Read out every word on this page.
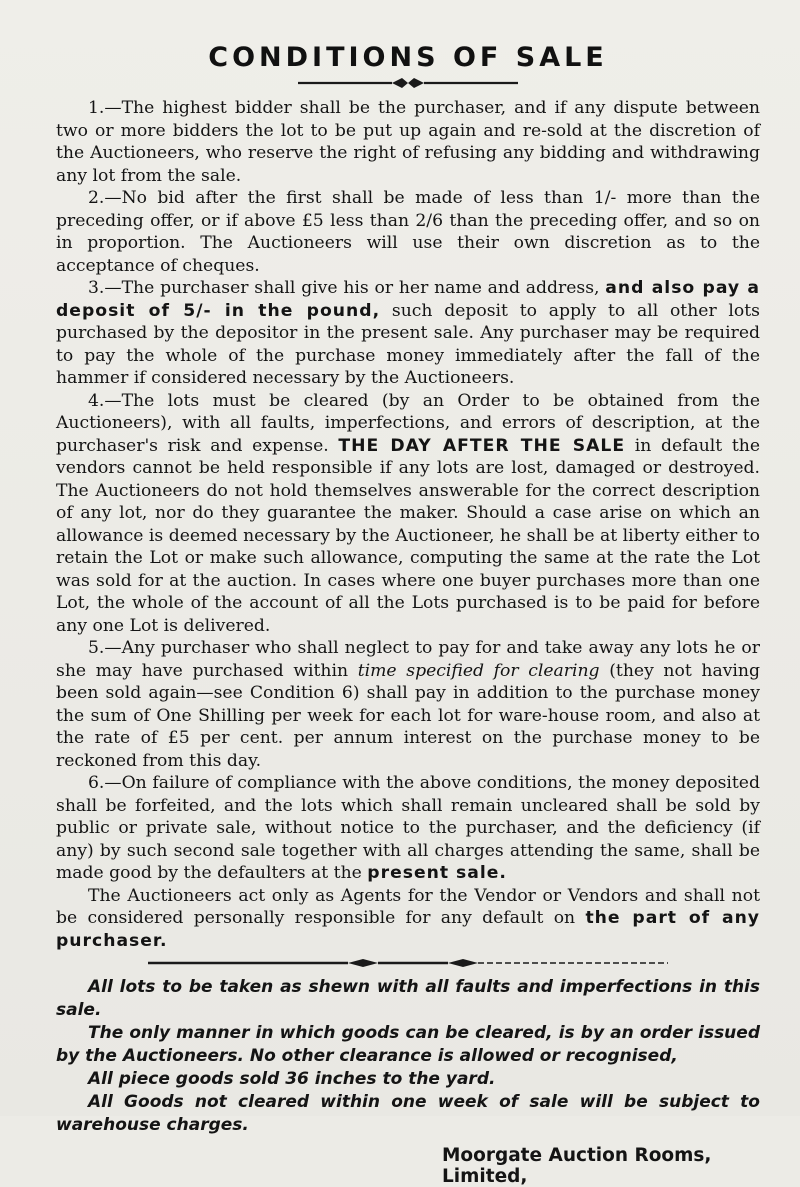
CONDITIONS OF SALE

1.—The highest bidder shall be the purchaser, and if any dispute between two or more bidders the lot to be put up again and re-sold at the discretion of the Auctioneers, who reserve the right of refusing any bidding and withdrawing any lot from the sale.

2.—No bid after the first shall be made of less than 1/- more than the preceding offer, or if above £5 less than 2/6 than the preceding offer, and so on in proportion. The Auctioneers will use their own discretion as to the acceptance of cheques.

3.—The purchaser shall give his or her name and address, and also pay a deposit of 5/- in the pound, such deposit to apply to all other lots purchased by the depositor in the present sale. Any purchaser may be required to pay the whole of the purchase money immediately after the fall of the hammer if considered necessary by the Auctioneers.

4.—The lots must be cleared (by an Order to be obtained from the Auctioneers), with all faults, imperfections, and errors of description, at the purchaser's risk and expense. THE DAY AFTER THE SALE in default the vendors cannot be held responsible if any lots are lost, damaged or destroyed. The Auctioneers do not hold themselves answerable for the correct description of any lot, nor do they guarantee the maker. Should a case arise on which an allowance is deemed necessary by the Auctioneer, he shall be at liberty either to retain the Lot or make such allowance, computing the same at the rate the Lot was sold for at the auction. In cases where one buyer purchases more than one Lot, the whole of the account of all the Lots purchased is to be paid for before any one Lot is delivered.

5.—Any purchaser who shall neglect to pay for and take away any lots he or she may have purchased within time specified for clearing (they not having been sold again—see Condition 6) shall pay in addition to the purchase money the sum of One Shilling per week for each lot for ware-house room, and also at the rate of £5 per cent. per annum interest on the purchase money to be reckoned from this day.

6.—On failure of compliance with the above conditions, the money deposited shall be forfeited, and the lots which shall remain uncleared shall be sold by public or private sale, without notice to the purchaser, and the deficiency (if any) by such second sale together with all charges attending the same, shall be made good by the defaulters at the present sale.

The Auctioneers act only as Agents for the Vendor or Vendors and shall not be considered personally responsible for any default on the part of any purchaser.

All lots to be taken as shewn with all faults and imperfections in this sale.

The only manner in which goods can be cleared, is by an order issued by the Auctioneers. No other clearance is allowed or recognised,

All piece goods sold 36 inches to the yard.

All Goods not cleared within one week of sale will be subject to warehouse charges.

Moorgate Auction Rooms, Limited,
